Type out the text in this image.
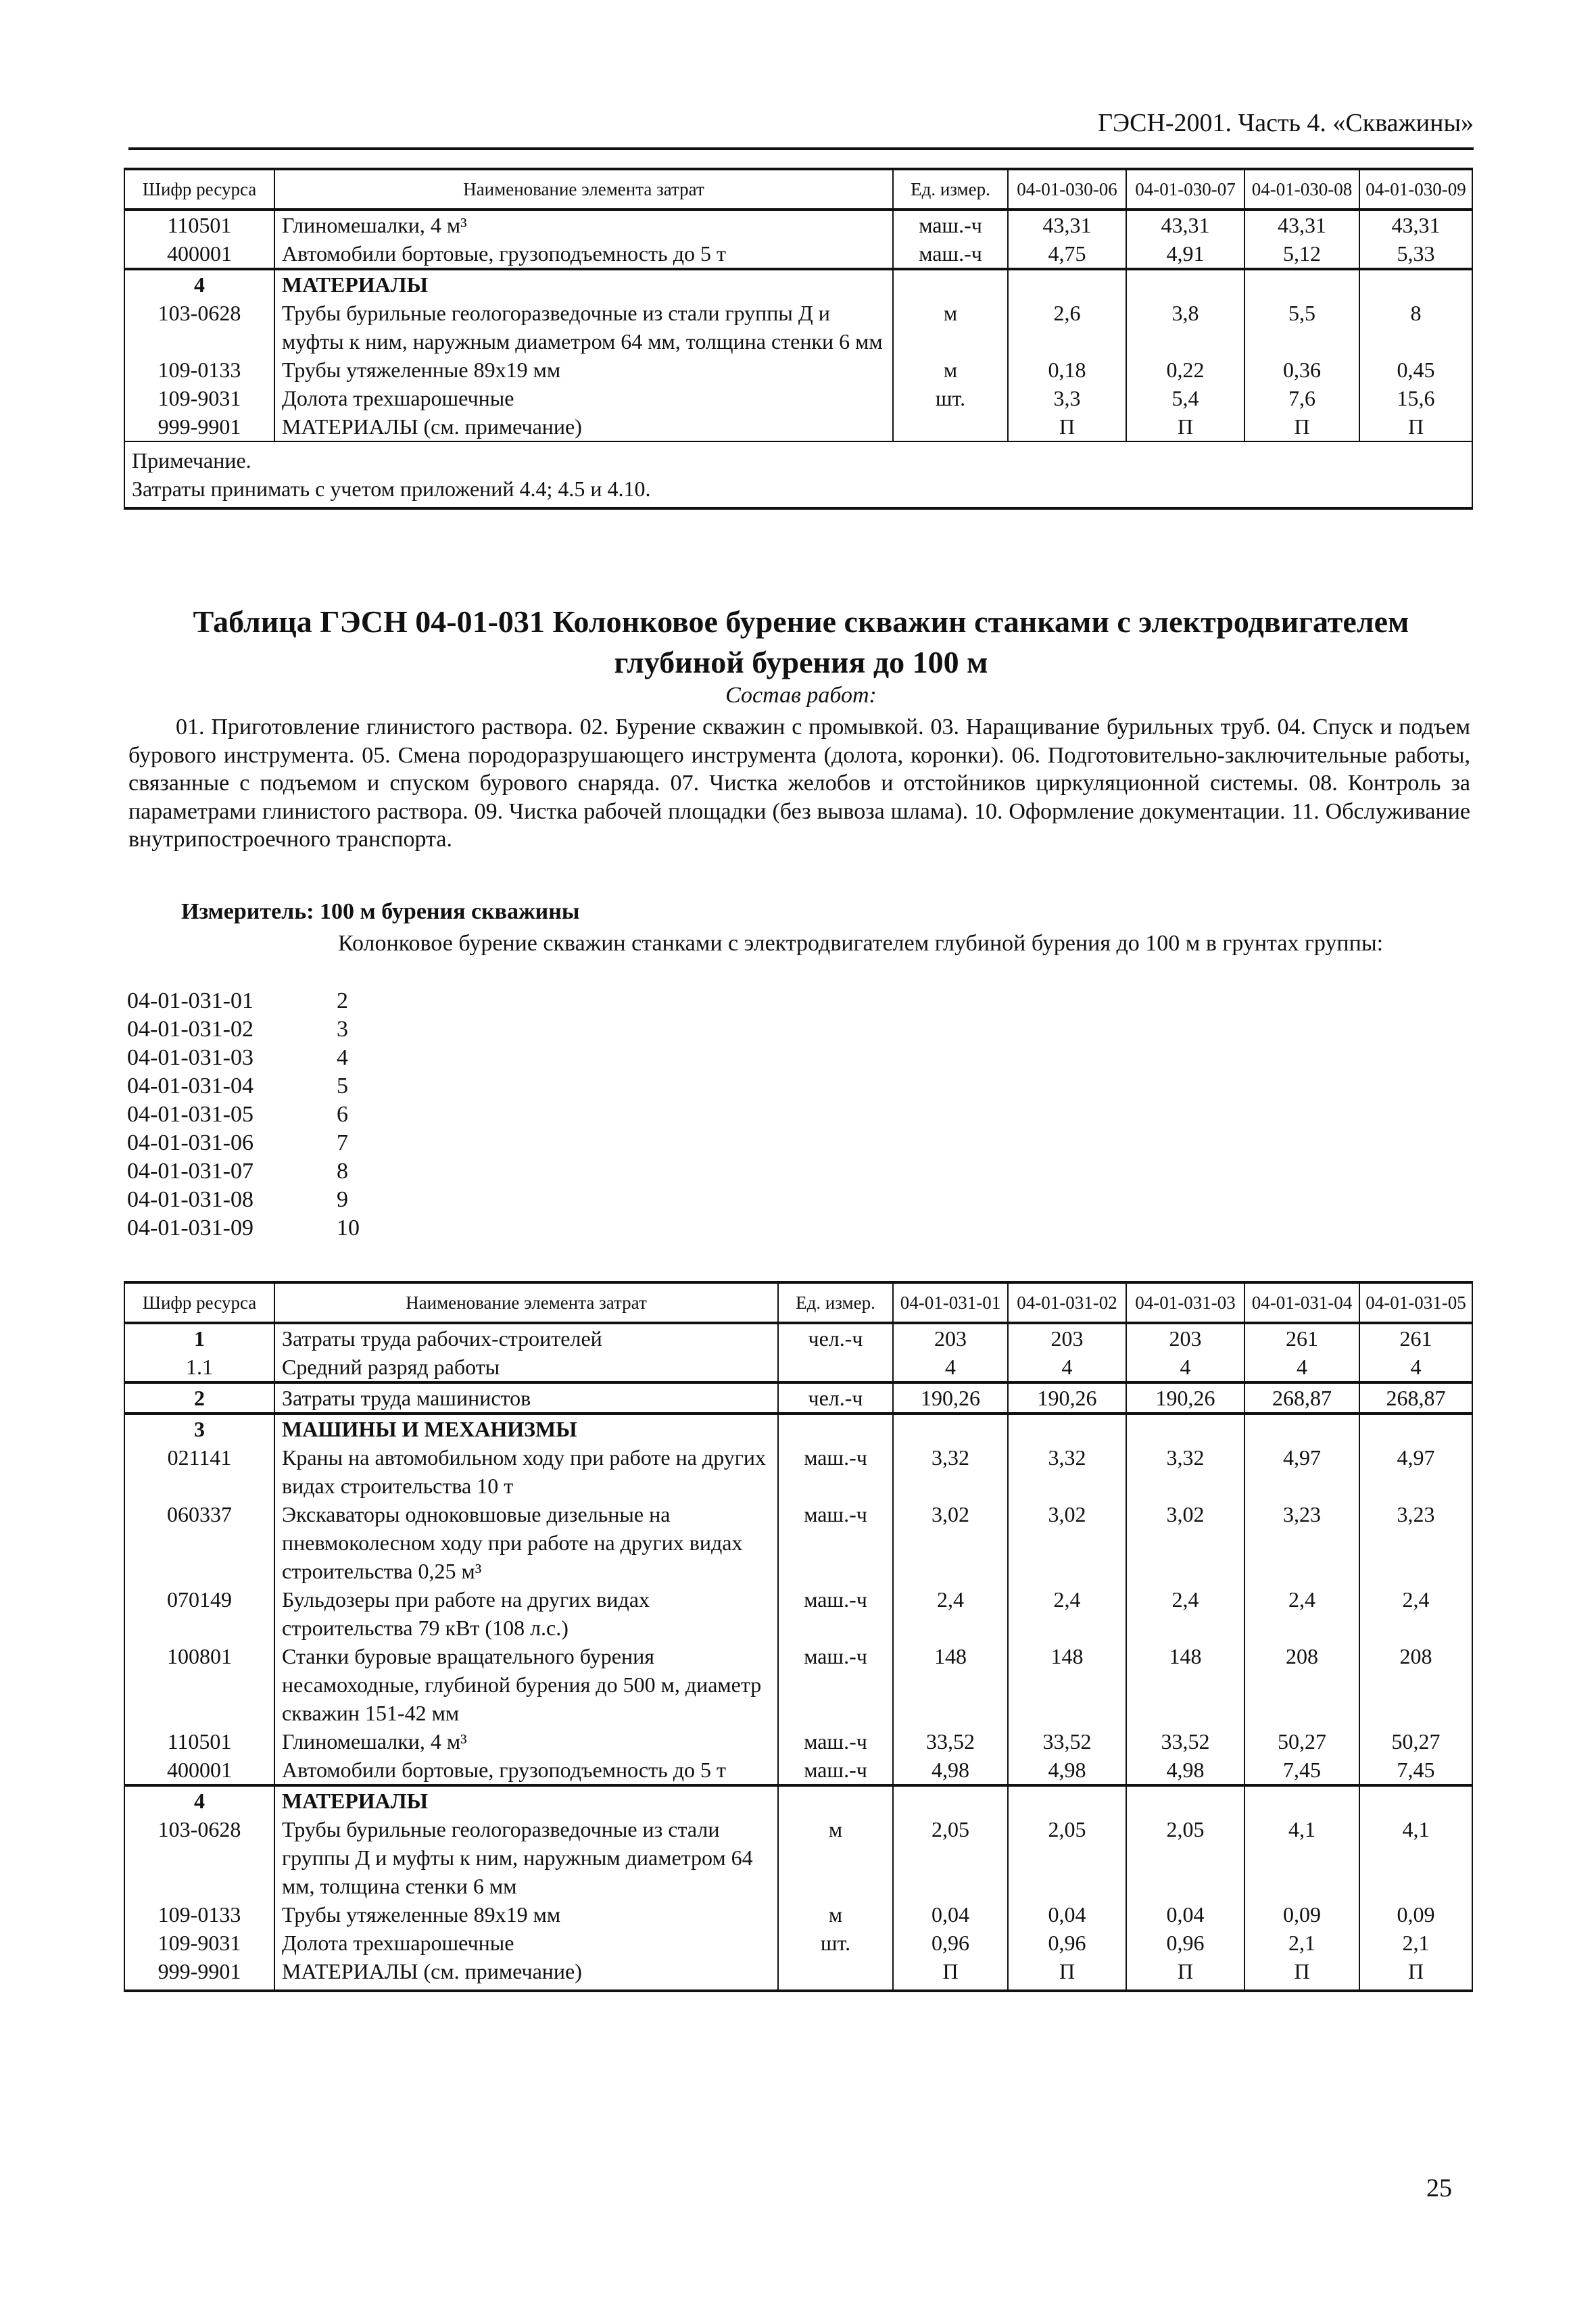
ГЭСН-2001. Часть 4. «Скважины»
Шифр ресурса	Наименование элемента затрат	Ед. измер.	04-01-030-06	04-01-030-07	04-01-030-08	04-01-030-09
110501	Глиномешалки, 4 м³	маш.-ч	43,31	43,31	43,31	43,31
400001	Автомобили бортовые, грузоподъемность до 5 т	маш.-ч	4,75	4,91	5,12	5,33
4	МАТЕРИАЛЫ					
103-0628	Трубы бурильные геологоразведочные из стали группы Д и муфты к ним, наружным диаметром 64 мм, толщина стенки 6 мм	м	2,6	3,8	5,5	8
109-0133	Трубы утяжеленные 89х19 мм	м	0,18	0,22	0,36	0,45
109-9031	Долота трехшарошечные	шт.	3,3	5,4	7,6	15,6
999-9901	МАТЕРИАЛЫ (см. примечание)		П	П	П	П

Примечание.
Затраты принимать с учетом приложений 4.4; 4.5 и 4.10.						
Таблица ГЭСН 04-01-031 Колонковое бурение скважин станками с электродвигателем
глубиной бурения до 100 м
Состав работ:
01. Приготовление глинистого раствора. 02. Бурение скважин с промывкой. 03. Наращивание бурильных труб. 04. Спуск и подъем бурового инструмента. 05. Смена породоразрушающего инструмента (долота, коронки). 06. Подготовительно-заключительные работы, связанные с подъемом и спуском бурового снаряда. 07. Чистка желобов и отстойников циркуляционной системы. 08. Контроль за параметрами глинистого раствора. 09. Чистка рабочей площадки (без вывоза шлама). 10. Оформление документации. 11. Обслуживание внутрипостроечного транспорта.
Измеритель: 100 м бурения скважины
Колонковое бурение скважин станками с электродвигателем глубиной бурения до 100 м в грунтах группы:
04-01-031-01	2
04-01-031-02	3
04-01-031-03	4
04-01-031-04	5
04-01-031-05	6
04-01-031-06	7
04-01-031-07	8
04-01-031-08	9
04-01-031-09	10
Шифр ресурса	Наименование элемента затрат	Ед. измер.	04-01-031-01	04-01-031-02	04-01-031-03	04-01-031-04	04-01-031-05
1	Затраты труда рабочих-строителей	чел.-ч	203	203	203	261	261
1.1	Средний разряд работы		4	4	4	4	4
2	Затраты труда машинистов	чел.-ч	190,26	190,26	190,26	268,87	268,87
3	МАШИНЫ И МЕХАНИЗМЫ						
021141	Краны на автомобильном ходу при работе на других видах строительства 10 т	маш.-ч	3,32	3,32	3,32	4,97	4,97
060337	Экскаваторы одноковшовые дизельные на пневмоколесном ходу при работе на других видах строительства 0,25 м³	маш.-ч	3,02	3,02	3,02	3,23	3,23
070149	Бульдозеры при работе на других видах строительства 79 кВт (108 л.с.)	маш.-ч	2,4	2,4	2,4	2,4	2,4
100801	Станки буровые вращательного бурения несамоходные, глубиной бурения до 500 м, диаметр скважин 151-42 мм	маш.-ч	148	148	148	208	208
110501	Глиномешалки, 4 м³	маш.-ч	33,52	33,52	33,52	50,27	50,27
400001	Автомобили бортовые, грузоподъемность до 5 т	маш.-ч	4,98	4,98	4,98	7,45	7,45
4	МАТЕРИАЛЫ						
103-0628	Трубы бурильные геологоразведочные из стали группы Д и муфты к ним, наружным диаметром 64 мм, толщина стенки 6 мм	м	2,05	2,05	2,05	4,1	4,1
109-0133	Трубы утяжеленные 89х19 мм	м	0,04	0,04	0,04	0,09	0,09
109-9031	Долота трехшарошечные	шт.	0,96	0,96	0,96	2,1	2,1
999-9901	МАТЕРИАЛЫ (см. примечание)		П	П	П	П	П
25
